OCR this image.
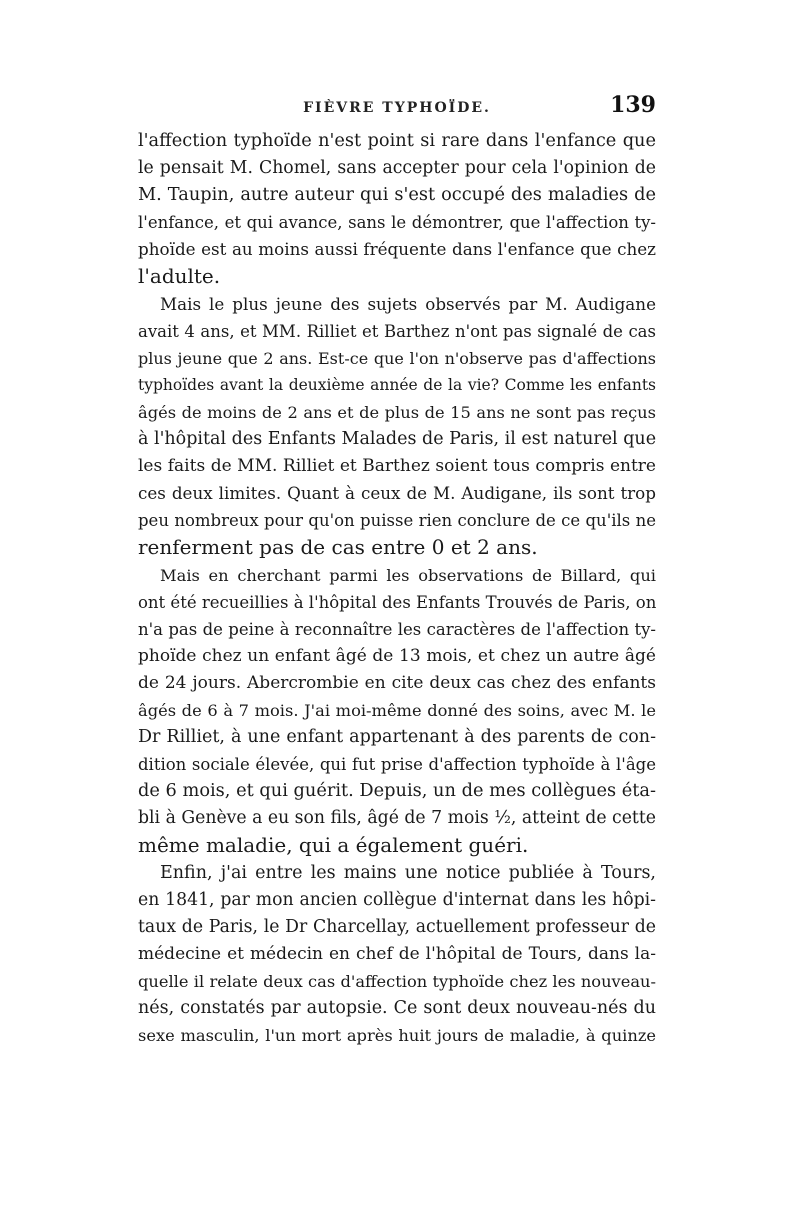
FIÈVRE TYPHOÏDE.	139
l'affection typhoïde n'est point si rare dans l'enfance que
le pensait M. Chomel, sans accepter pour cela l'opinion de
M. Taupin, autre auteur qui s'est occupé des maladies de
l'enfance, et qui avance, sans le démontrer, que l'affection ty-
phoïde est au moins aussi fréquente dans l'enfance que chez
l'adulte.
Mais le plus jeune des sujets observés par M. Audigane
avait 4 ans, et MM. Rilliet et Barthez n'ont pas signalé de cas
plus jeune que 2 ans. Est-ce que l'on n'observe pas d'affections
typhoïdes avant la deuxième année de la vie? Comme les enfants
âgés de moins de 2 ans et de plus de 15 ans ne sont pas reçus
à l'hôpital des Enfants Malades de Paris, il est naturel que
les faits de MM. Rilliet et Barthez soient tous compris entre
ces deux limites. Quant à ceux de M. Audigane, ils sont trop
peu nombreux pour qu'on puisse rien conclure de ce qu'ils ne
renferment pas de cas entre 0 et 2 ans.
Mais en cherchant parmi les observations de Billard, qui
ont été recueillies à l'hôpital des Enfants Trouvés de Paris, on
n'a pas de peine à reconnaître les caractères de l'affection ty-
phoïde chez un enfant âgé de 13 mois, et chez un autre âgé
de 24 jours. Abercrombie en cite deux cas chez des enfants
âgés de 6 à 7 mois. J'ai moi-même donné des soins, avec M. le
Dr Rilliet, à une enfant appartenant à des parents de con-
dition sociale élevée, qui fut prise d'affection typhoïde à l'âge
de 6 mois, et qui guérit. Depuis, un de mes collègues éta-
bli à Genève a eu son fils, âgé de 7 mois ½, atteint de cette
même maladie, qui a également guéri.
Enfin, j'ai entre les mains une notice publiée à Tours,
en 1841, par mon ancien collègue d'internat dans les hôpi-
taux de Paris, le Dr Charcellay, actuellement professeur de
médecine et médecin en chef de l'hôpital de Tours, dans la-
quelle il relate deux cas d'affection typhoïde chez les nouveau-
nés, constatés par autopsie. Ce sont deux nouveau-nés du
sexe masculin, l'un mort après huit jours de maladie, à quinze
